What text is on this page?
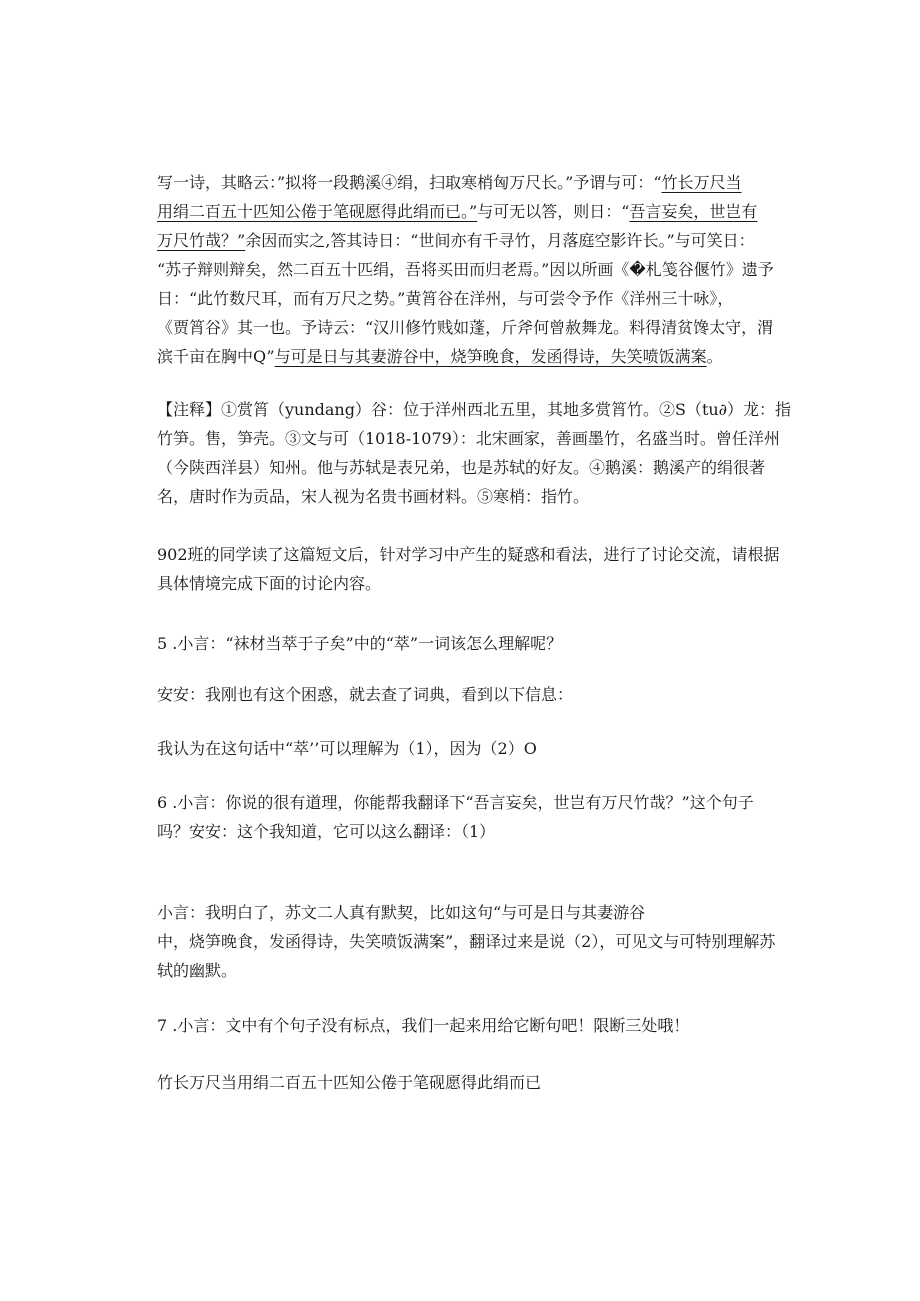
写一诗，其略云：”拟将一段鹅溪④绢，扫取寒梢匈万尺长。”予谓与可：“竹长万尺当

用绢二百五十匹知公倦于笔砚愿得此绢而已。”与可无以答，则日：“吾言妄矣，世岂有

万尺竹哉？”余因而实之,答其诗日：“世间亦有千寻竹，月落庭空影许长。”与可笑日：

“苏子辩则辩矣，然二百五十匹绢，吾将买田而归老焉。”因以所画《�札笺谷偃竹》遗予

日：“此竹数尺耳，而有万尺之势。”黄筲谷在洋州，与可尝令予作《洋州三十咏》，

《贾筲谷》其一也。予诗云：“汉川修竹贱如蓬，斤斧何曾赦舞龙。料得清贫馋太守，渭

滨千亩在胸中Q”与可是日与其妻游谷中，烧笋晚食，发函得诗，失笑喷饭满案。

【注释】①赏筲（yundang）谷：位于洋州西北五里，其地多赏筲竹。②S（tu∂）龙：指

竹笋。售，笋壳。③文与可（1018-1079）：北宋画家，善画墨竹，名盛当时。曾任洋州

（今陕西洋县）知州。他与苏轼是表兄弟，也是苏轼的好友。④鹅溪：鹅溪产的绢很著

名，唐时作为贡品，宋人视为名贵书画材料。⑤寒梢：指竹。

902班的同学读了这篇短文后，针对学习中产生的疑惑和看法，进行了讨论交流，请根据

具体情境完成下面的讨论内容。

5 .小言：“袜材当萃于子矣”中的“萃”一词该怎么理解呢？

安安：我刚也有这个困惑，就去查了词典，看到以下信息：

我认为在这句话中“萃’’可以理解为（1），因为（2）O

6 .小言：你说的很有道理，你能帮我翻译下“吾言妄矣，世岂有万尺竹哉？”这个句子

吗？安安：这个我知道，它可以这么翻译：（1）

小言：我明白了，苏文二人真有默契，比如这句“与可是日与其妻游谷

中，烧笋晚食，发函得诗，失笑喷饭满案”，翻译过来是说（2），可见文与可特别理解苏

轼的幽默。

7 .小言：文中有个句子没有标点，我们一起来用给它断句吧！限断三处哦！

竹长万尺当用绢二百五十匹知公倦于笔砚愿得此绢而已
